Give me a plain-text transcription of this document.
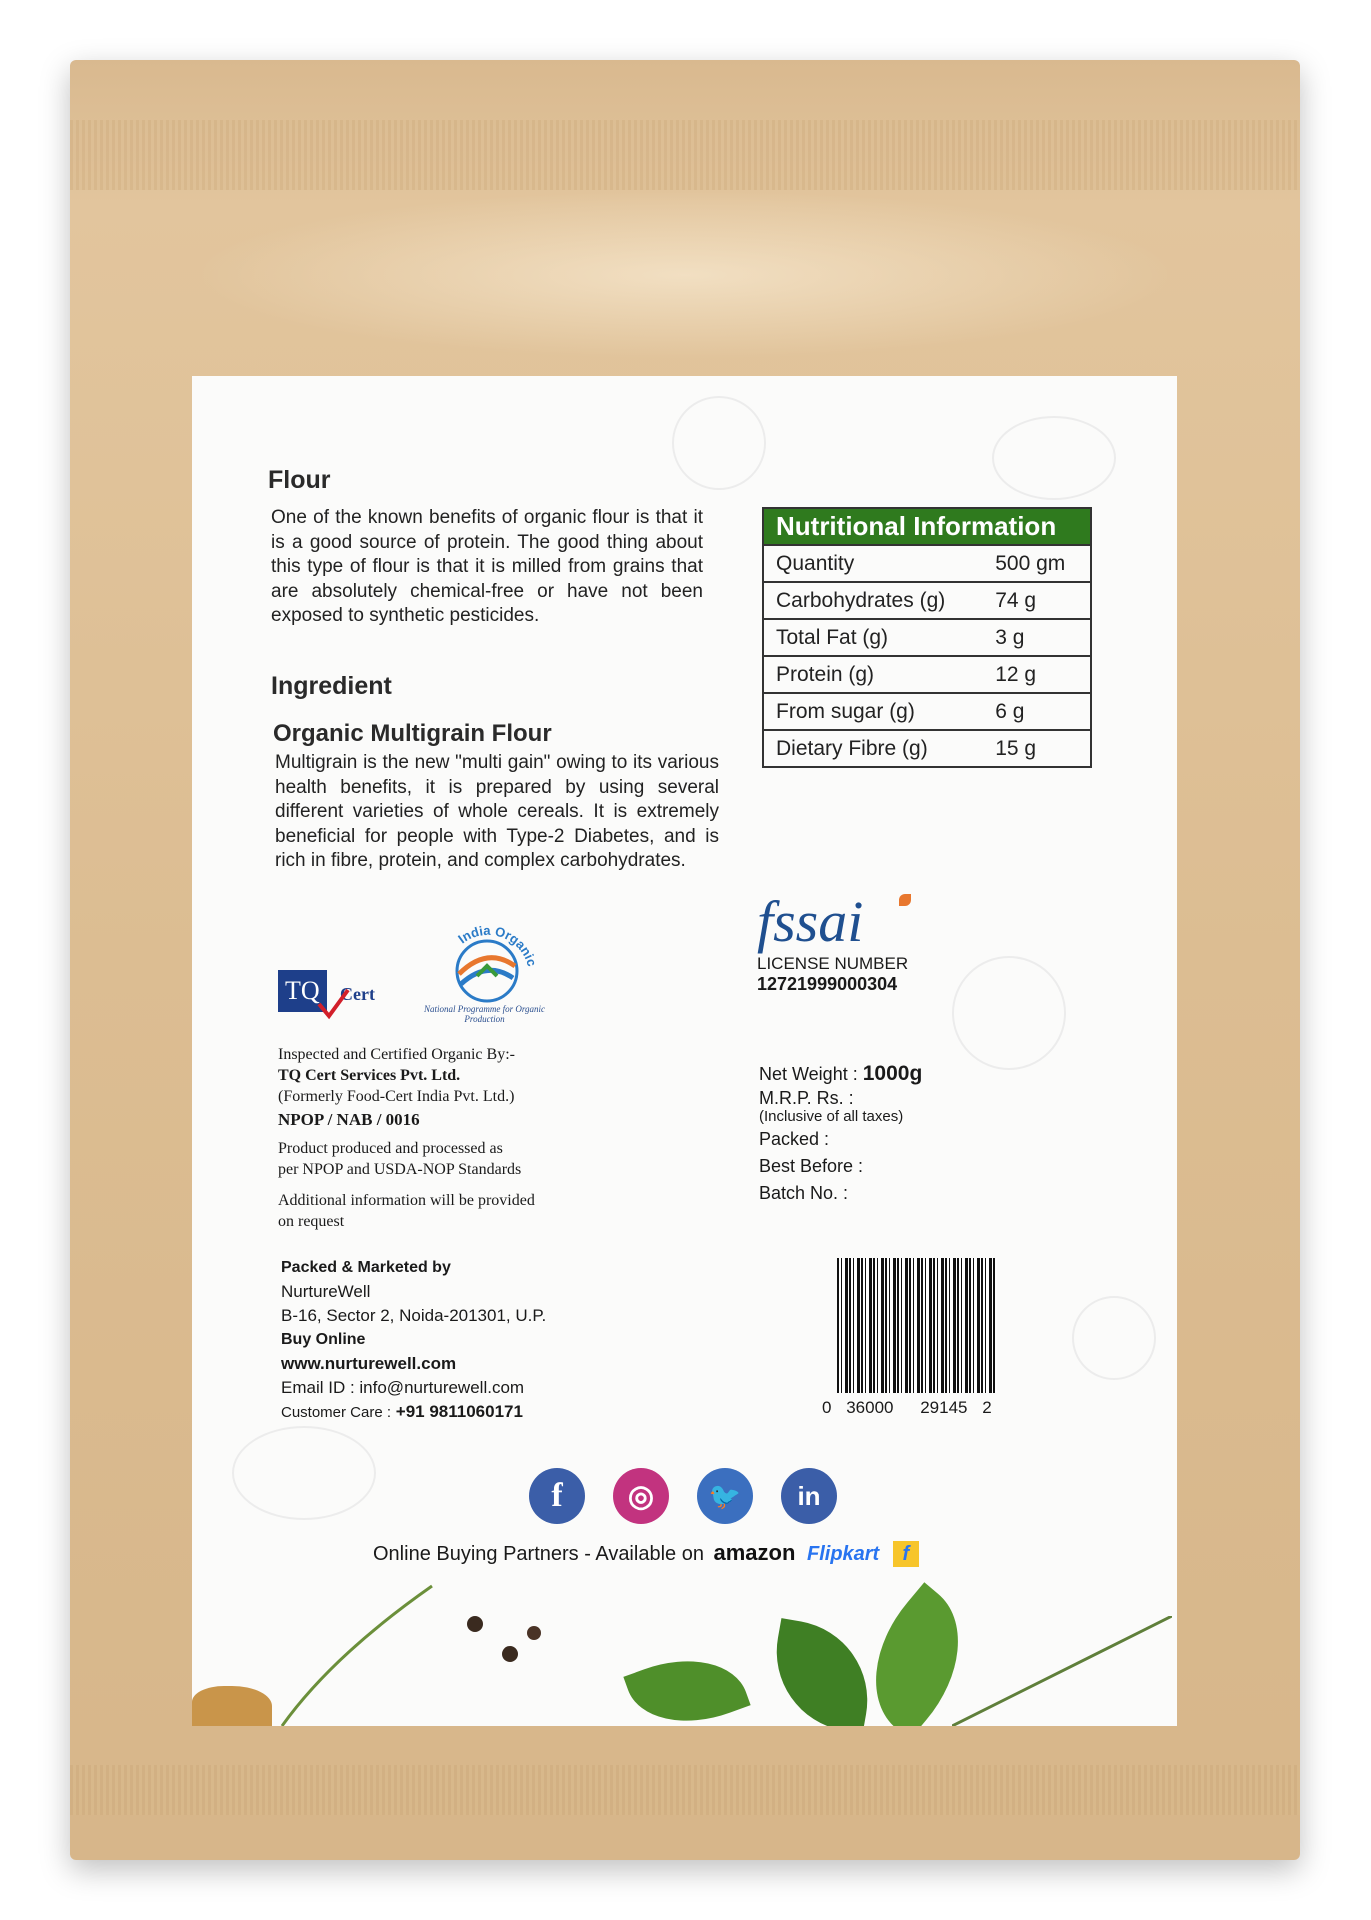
Flour
One of the known benefits of organic flour is that it is a good source of protein. The good thing about this type of flour is that it is milled from grains that are absolutely chemical-free or have not been exposed to synthetic pesticides.
Ingredient
Organic Multigrain Flour
Multigrain is the new "multi gain" owing to its various health benefits, it is prepared by using several different varieties of whole cereals. It is extremely beneficial for people with Type-2 Diabetes, and is rich in fibre, protein, and complex carbohydrates.
Nutritional Information	
Quantity	500 gm
Carbohydrates (g)	74 g
Total Fat (g)	3 g
Protein (g)	12 g
From sugar (g)	6 g
Dietary Fibre (g)	15 g
TQ	Cert
India Organic
National Programme for Organic Production
Inspected and Certified Organic By:-
TQ Cert Services Pvt. Ltd.
(Formerly Food-Cert India Pvt. Ltd.)
NPOP / NAB / 0016
Product produced and processed as
per NPOP and USDA-NOP Standards
Additional information will be provided
on request
Packed & Marketed by
NurtureWell
B-16, Sector 2, Noida-201301, U.P.
Buy Online
www.nurturewell.com
Email ID : info@nurturewell.com
Customer Care : +91 9811060171
fssai
LICENSE NUMBER
12721999000304
Net Weight : 1000g
M.R.P. Rs. :
(Inclusive of all taxes)
Packed :
Best Before :
Batch No. :
0 36000 29145 2
f	◎	🐦	in
Online Buying Partners - Available on amazon Flipkart f
